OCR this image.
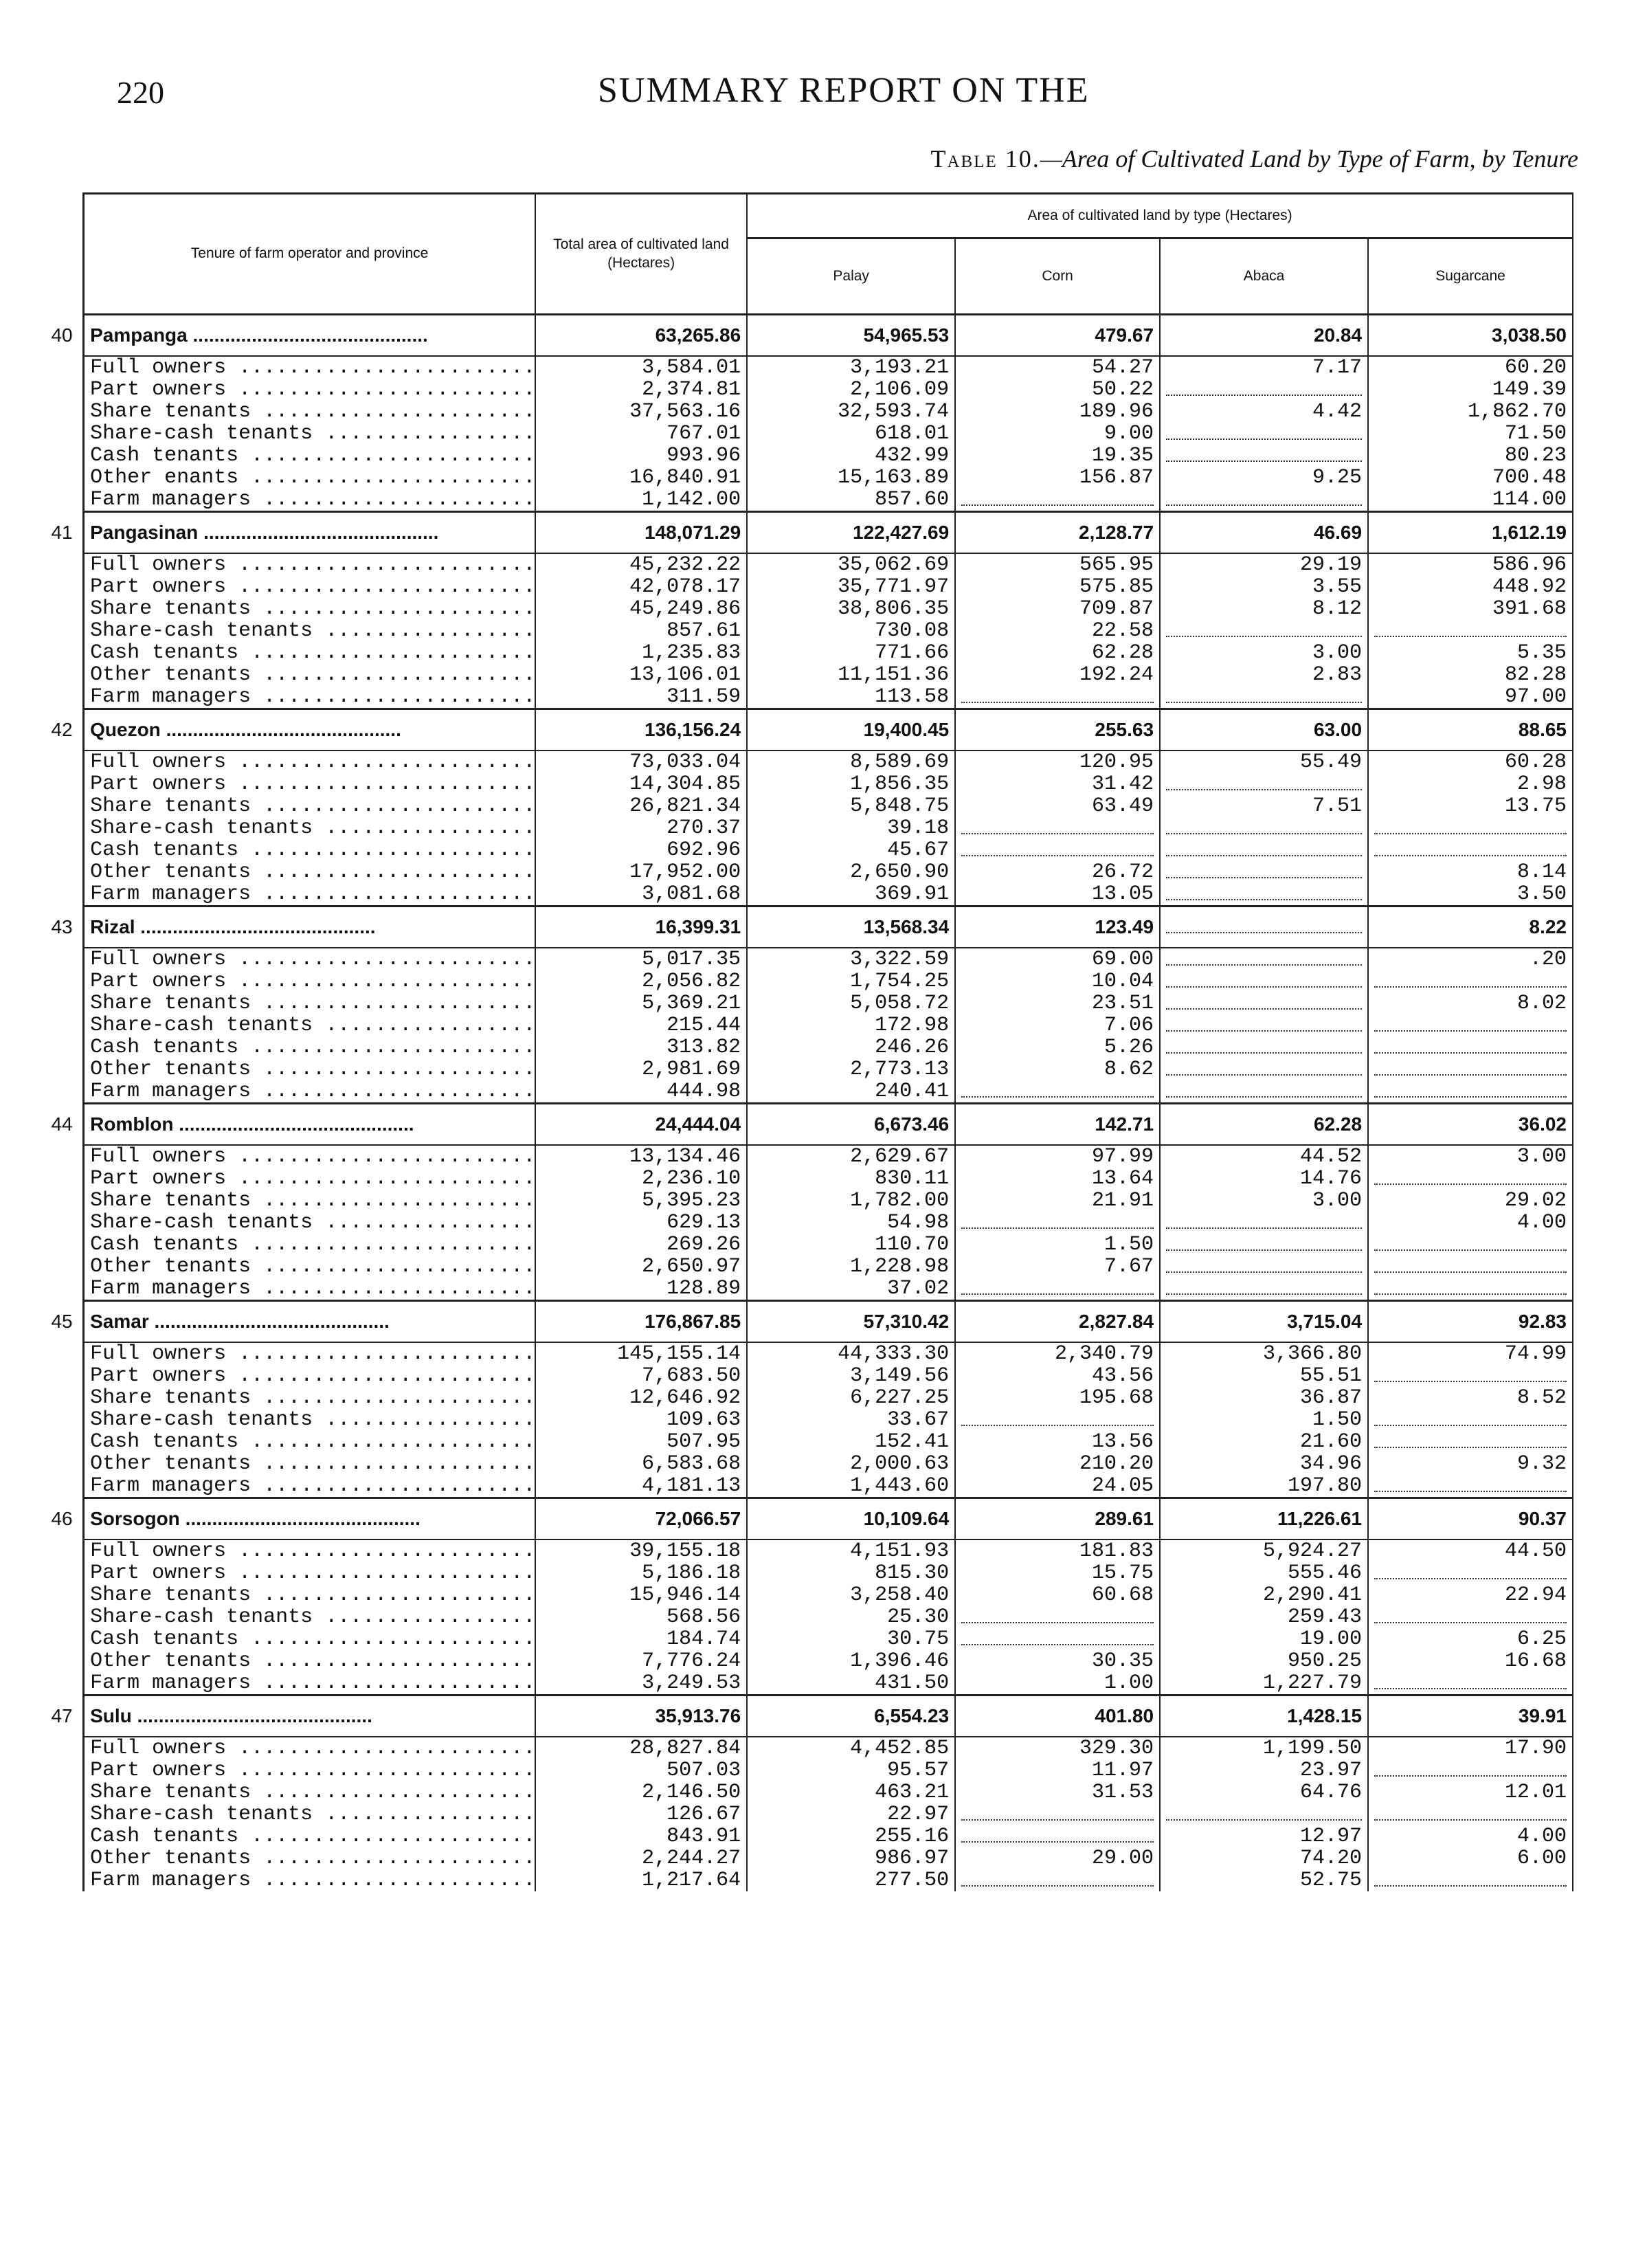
220	SUMMARY REPORT ON THE
Table 10.—Area of Cultivated Land by Type of Farm, by Tenure
	Tenure of farm operator and province	Total area of cultivated land (Hectares)	Area of cultivated land by type (Hectares)			
			Palay	Corn	Abaca	Sugarcane
40	Pampanga .....	63,265.86	54,965.53	479.67	20.84	3,038.50
	Full owners .....	3,584.01	3,193.21	54.27	7.17	60.20
	Part owners .....	2,374.81	2,106.09	50.22		149.39
	Share tenants .....	37,563.16	32,593.74	189.96	4.42	1,862.70
	Share-cash tenants .....	767.01	618.01	9.00		71.50
	Cash tenants .....	993.96	432.99	19.35		80.23
	Other enants .....	16,840.91	15,163.89	156.87	9.25	700.48
	Farm managers .....	1,142.00	857.60			114.00
41	Pangasinan .....	148,071.29	122,427.69	2,128.77	46.69	1,612.19
	Full owners .....	45,232.22	35,062.69	565.95	29.19	586.96
	Part owners .....	42,078.17	35,771.97	575.85	3.55	448.92
	Share tenants .....	45,249.86	38,806.35	709.87	8.12	391.68
	Share-cash tenants .....	857.61	730.08	22.58		
	Cash tenants .....	1,235.83	771.66	62.28	3.00	5.35
	Other tenants .....	13,106.01	11,151.36	192.24	2.83	82.28
	Farm managers .....	311.59	113.58			97.00
42	Quezon .....	136,156.24	19,400.45	255.63	63.00	88.65
	Full owners .....	73,033.04	8,589.69	120.95	55.49	60.28
	Part owners .....	14,304.85	1,856.35	31.42		2.98
	Share tenants .....	26,821.34	5,848.75	63.49	7.51	13.75
	Share-cash tenants .....	270.37	39.18			
	Cash tenants .....	692.96	45.67			
	Other tenants .....	17,952.00	2,650.90	26.72		8.14
	Farm managers .....	3,081.68	369.91	13.05		3.50
43	Rizal .....	16,399.31	13,568.34	123.49		8.22
	Full owners .....	5,017.35	3,322.59	69.00		.20
	Part owners .....	2,056.82	1,754.25	10.04		
	Share tenants .....	5,369.21	5,058.72	23.51		8.02
	Share-cash tenants .....	215.44	172.98	7.06		
	Cash tenants .....	313.82	246.26	5.26		
	Other tenants .....	2,981.69	2,773.13	8.62		
	Farm managers .....	444.98	240.41			
44	Romblon .....	24,444.04	6,673.46	142.71	62.28	36.02
	Full owners .....	13,134.46	2,629.67	97.99	44.52	3.00
	Part owners .....	2,236.10	830.11	13.64	14.76	
	Share tenants .....	5,395.23	1,782.00	21.91	3.00	29.02
	Share-cash tenants .....	629.13	54.98			4.00
	Cash tenants .....	269.26	110.70	1.50		
	Other tenants .....	2,650.97	1,228.98	7.67		
	Farm managers .....	128.89	37.02			
45	Samar .....	176,867.85	57,310.42	2,827.84	3,715.04	92.83
	Full owners .....	145,155.14	44,333.30	2,340.79	3,366.80	74.99
	Part owners .....	7,683.50	3,149.56	43.56	55.51	
	Share tenants .....	12,646.92	6,227.25	195.68	36.87	8.52
	Share-cash tenants .....	109.63	33.67		1.50	
	Cash tenants .....	507.95	152.41	13.56	21.60	
	Other tenants .....	6,583.68	2,000.63	210.20	34.96	9.32
	Farm managers .....	4,181.13	1,443.60	24.05	197.80	
46	Sorsogon .....	72,066.57	10,109.64	289.61	11,226.61	90.37
	Full owners .....	39,155.18	4,151.93	181.83	5,924.27	44.50
	Part owners .....	5,186.18	815.30	15.75	555.46	
	Share tenants .....	15,946.14	3,258.40	60.68	2,290.41	22.94
	Share-cash tenants .....	568.56	25.30		259.43	
	Cash tenants .....	184.74	30.75		19.00	6.25
	Other tenants .....	7,776.24	1,396.46	30.35	950.25	16.68
	Farm managers .....	3,249.53	431.50	1.00	1,227.79	
47	Sulu .....	35,913.76	6,554.23	401.80	1,428.15	39.91
	Full owners .....	28,827.84	4,452.85	329.30	1,199.50	17.90
	Part owners .....	507.03	95.57	11.97	23.97	
	Share tenants .....	2,146.50	463.21	31.53	64.76	12.01
	Share-cash tenants .....	126.67	22.97			
	Cash tenants .....	843.91	255.16		12.97	4.00
	Other tenants .....	2,244.27	986.97	29.00	74.20	6.00
	Farm managers .....	1,217.64	277.50		52.75	
